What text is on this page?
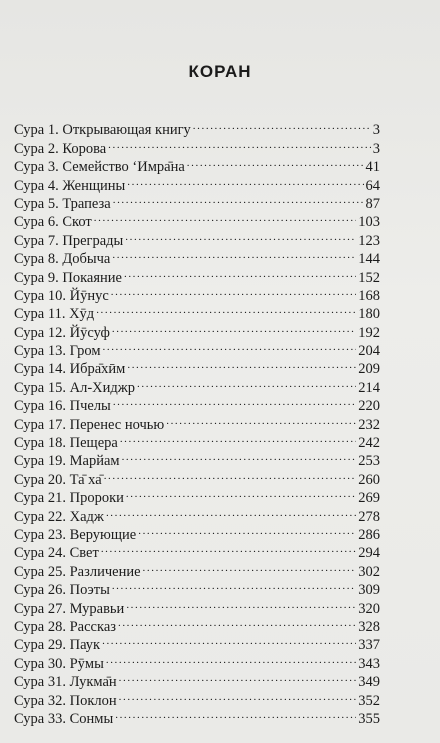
КОРАН
Сура 1. Открывающая книгу .....	3
Сура 2. Корова .....	3
Сура 3. Семейство ‘Имра̄на .....	41
Сура 4. Женщины .....	64
Сура 5. Трапеза .....	87
Сура 6. Скот .....	103
Сура 7. Преграды .....	123
Сура 8. Добыча .....	144
Сура 9. Покаяние .....	152
Сура 10. Йӯнус .....	168
Сура 11. Хӯд .....	180
Сура 12. Йӯсуф .....	192
Сура 13. Гром .....	204
Сура 14. Ибра̄хӣм .....	209
Сура 15. Ал-Хиджр .....	214
Сура 16. Пчелы .....	220
Сура 17. Перенес ночью .....	232
Сура 18. Пещера .....	242
Сура 19. Марйам .....	253
Сура 20. Та̄ ха̄ .....	260
Сура 21. Пророки .....	269
Сура 22. Хадж .....	278
Сура 23. Верующие .....	286
Сура 24. Свет .....	294
Сура 25. Различение .....	302
Сура 26. Поэты .....	309
Сура 27. Муравьи .....	320
Сура 28. Рассказ .....	328
Сура 29. Паук .....	337
Сура 30. Рӯмы .....	343
Сура 31. Лукма̄н .....	349
Сура 32. Поклон .....	352
Сура 33. Сонмы .....	355
